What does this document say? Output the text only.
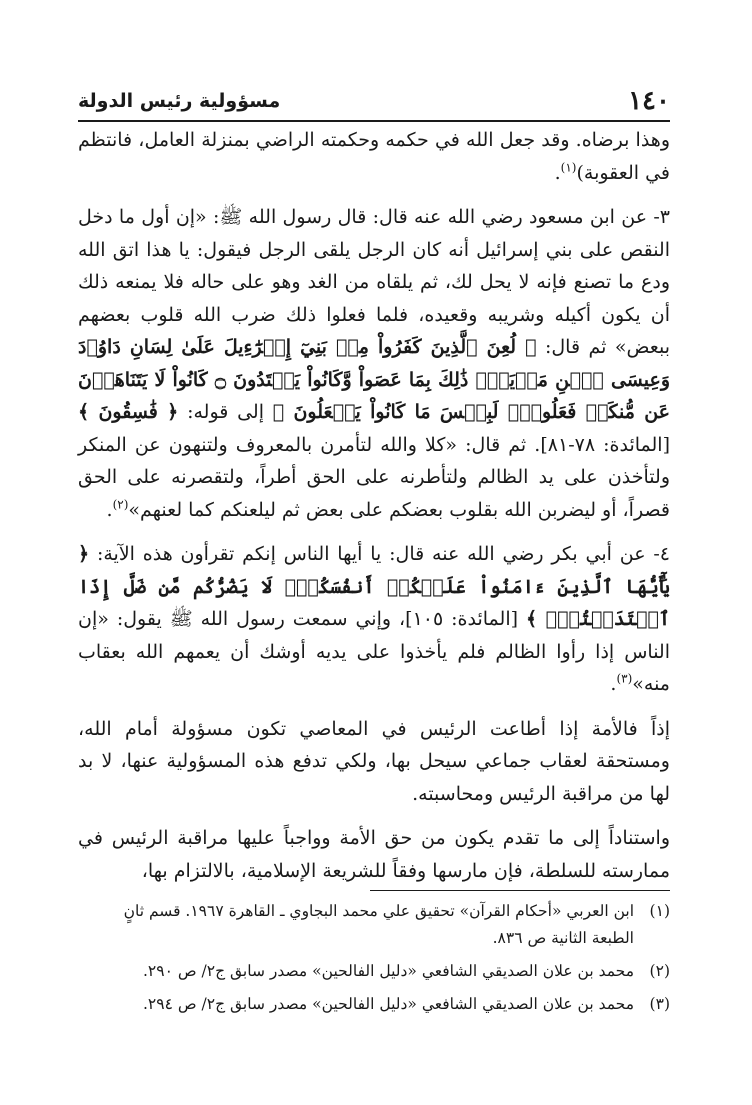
١٤٠
مسؤولية رئيس الدولة

وهذا برضاه. وقد جعل الله في حكمه وحكمته الراضي بمنزلة العامل، فانتظم في العقوبة)$^{(١)}$.

٣- عن ابن مسعود رضي الله عنه قال: قال رسول الله ﷺ: «إن أول ما دخل النقص على بني إسرائيل أنه كان الرجل يلقى الرجل فيقول: يا هذا اتق الله ودع ما تصنع فإنه لا يحل لك، ثم يلقاه من الغد وهو على حاله فلا يمنعه ذلك أن يكون أكيله وشريبه وقعيده، فلما فعلوا ذلك ضرب الله قلوب بعضهم ببعض» ثم قال: ﴿ لُعِنَ ٱلَّذِينَ كَفَرُواْ مِنۢ بَنِيٓ إِسۡرَٰٓءِيلَ عَلَىٰ لِسَانِ دَاوُۥدَ وَعِيسَى ٱبۡنِ مَرۡيَمَۚ ذَٰلِكَ بِمَا عَصَواْ وَّكَانُواْ يَعۡتَدُونَ ۝ كَانُواْ لَا يَتَنَاهَوۡنَ عَن مُّنكَرٖ فَعَلُوهُۚ لَبِئۡسَ مَا كَانُواْ يَفۡعَلُونَ ﴾ إلى قوله: ﴿ فَٰسِقُونَ ﴾ [المائدة: ٧٨-٨١]. ثم قال: «كلا والله لتأمرن بالمعروف ولتنهون عن المنكر ولتأخذن على يد الظالم ولتأطرنه على الحق أطراً، ولتقصرنه على الحق قصراً، أو ليضربن الله بقلوب بعضكم على بعض ثم ليلعنكم كما لعنهم»$^{(٢)}$.

٤- عن أبي بكر رضي الله عنه قال: يا أيها الناس إنكم تقرأون هذه الآية: ﴿ يَٰٓأَيُّهَا ٱلَّذِينَ ءَامَنُواْ عَلَيۡكُمۡ أَنفُسَكُمۡۖ لَا يَضُرُّكُم مَّن ضَلَّ إِذَا ٱهۡتَدَيۡتُمۡۚ ﴾ [المائدة: ١٠٥]، وإني سمعت رسول الله ﷺ يقول: «إن الناس إذا رأوا الظالم فلم يأخذوا على يديه أوشك أن يعمهم الله بعقاب منه»$^{(٣)}$.

إذاً فالأمة إذا أطاعت الرئيس في المعاصي تكون مسؤولة أمام الله، ومستحقة لعقاب جماعي سيحل بها، ولكي تدفع هذه المسؤولية عنها، لا بد لها من مراقبة الرئيس ومحاسبته.

واستناداً إلى ما تقدم يكون من حق الأمة وواجباً عليها مراقبة الرئيس في ممارسته للسلطة، فإن مارسها وفقاً للشريعة الإسلامية، بالالتزام بها،

(١)
ابن العربي «أحكام القرآن» تحقيق علي محمد البجاوي ـ القاهرة ١٩٦٧. قسم ثانٍ الطبعة الثانية ص ٨٣٦.

(٢)
محمد بن علان الصديقي الشافعي «دليل الفالحين» مصدر سابق ج٢/ ص ٢٩٠.

(٣)
محمد بن علان الصديقي الشافعي «دليل الفالحين» مصدر سابق ج٢/ ص ٢٩٤.
